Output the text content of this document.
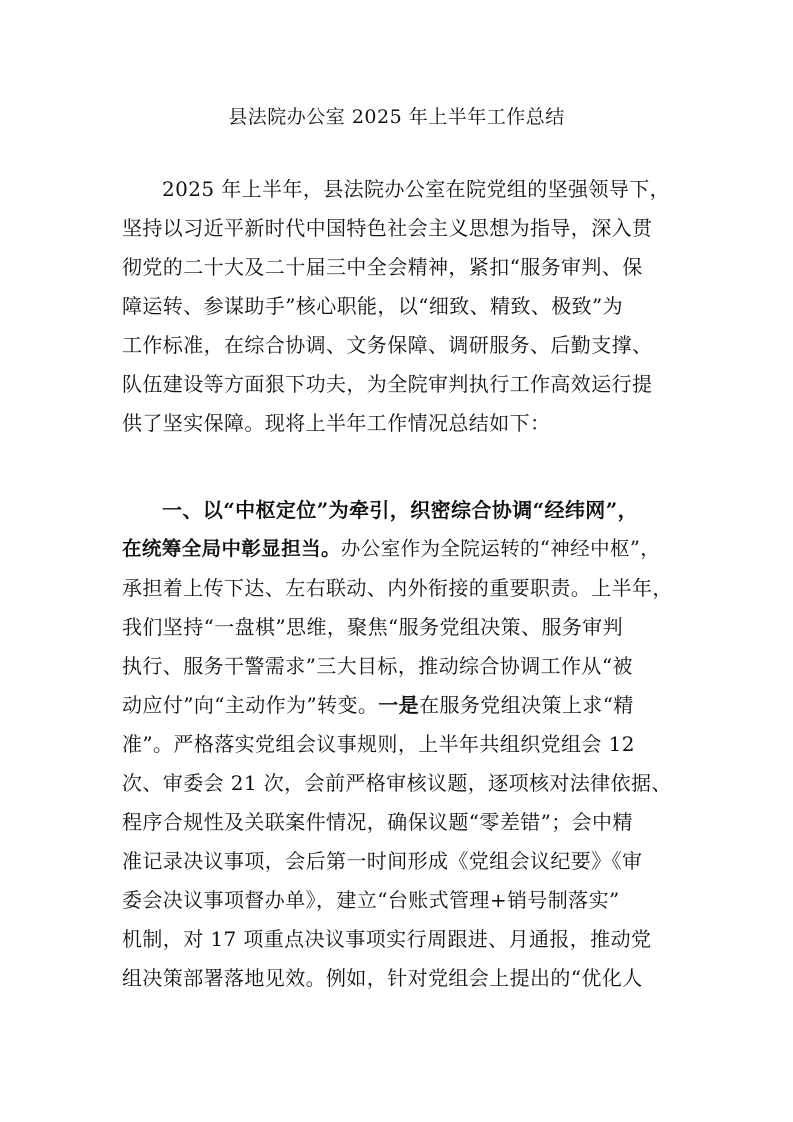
县法院办公室 2025 年上半年工作总结
2025 年上半年，县法院办公室在院党组的坚强领导下，
坚持以习近平新时代中国特色社会主义思想为指导，深入贯
彻党的二十大及二十届三中全会精神，紧扣“服务审判、保
障运转、参谋助手”核心职能，以“细致、精致、极致”为
工作标准，在综合协调、文务保障、调研服务、后勤支撑、
队伍建设等方面狠下功夫，为全院审判执行工作高效运行提
供了坚实保障。现将上半年工作情况总结如下：
一、以“中枢定位”为牵引，织密综合协调“经纬网”，
在统筹全局中彰显担当。办公室作为全院运转的“神经中枢”，
承担着上传下达、左右联动、内外衔接的重要职责。上半年，
我们坚持“一盘棋”思维，聚焦“服务党组决策、服务审判
执行、服务干警需求”三大目标，推动综合协调工作从“被
动应付”向“主动作为”转变。一是在服务党组决策上求“精
准”。严格落实党组会议事规则，上半年共组织党组会 12
次、审委会 21 次，会前严格审核议题，逐项核对法律依据、
程序合规性及关联案件情况，确保议题“零差错”；会中精
准记录决议事项，会后第一时间形成《党组会议纪要》《审
委会决议事项督办单》，建立“台账式管理+销号制落实”
机制，对 17 项重点决议事项实行周跟进、月通报，推动党
组决策部署落地见效。例如，针对党组会上提出的“优化人
